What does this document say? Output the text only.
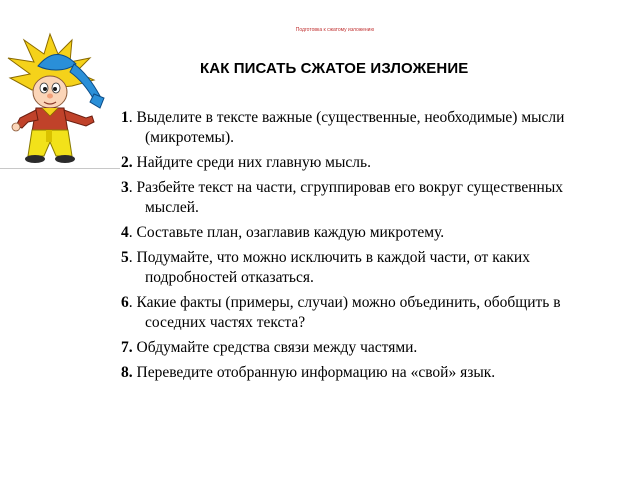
Подготовка к сжатому изложению
КАК ПИСАТЬ СЖАТОЕ ИЗЛОЖЕНИЕ
1. Выделите в тексте важные (существенные, необходимые) мысли (микротемы).
2. Найдите среди них главную мысль.
3. Разбейте текст на части, сгруппировав его вокруг существенных мыслей.
4. Составьте план, озаглавив каждую микротему.
5. Подумайте, что можно исключить в каждой части, от каких подробностей отказаться.
6. Какие факты (примеры, случаи) можно объединить, обобщить в соседних частях текста?
7. Обдумайте средства связи между частями.
8. Переведите отобранную информацию на «свой» язык.
